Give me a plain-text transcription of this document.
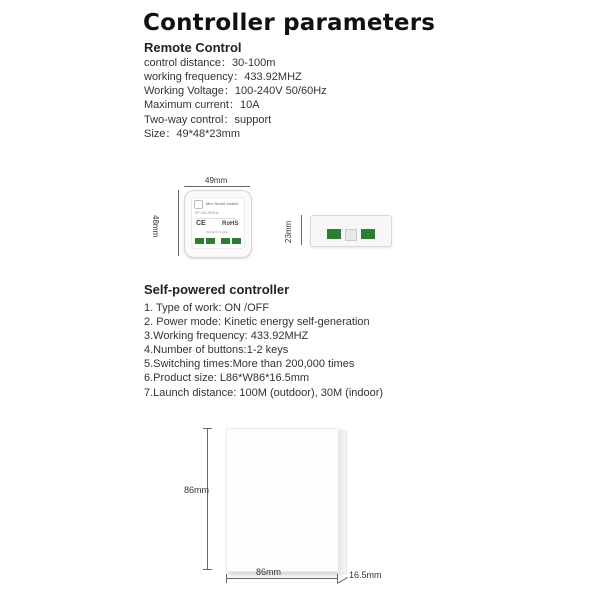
Controller parameters
Remote Control
control distance：30-100m
working frequency：433.92MHZ
Working Voltage：100-240V 50/60Hz
Maximum current：10A
Two-way control：support
Size：49*48*23mm
49mm
48mm
Mini Smart Switch
RF 433.92MHz
CE	RoHS
MADE IN CHINA	23mm
Self-powered controller
1. Type of work: ON /OFF
2. Power mode: Kinetic energy self-generation
3.Working frequency: 433.92MHZ
4.Number of buttons:1-2 keys
5.Switching times:More than 200,000 times
6.Product size: L86*W86*16.5mm
7.Launch distance: 100M (outdoor), 30M (indoor)
86mm
86mm	16.5mm
